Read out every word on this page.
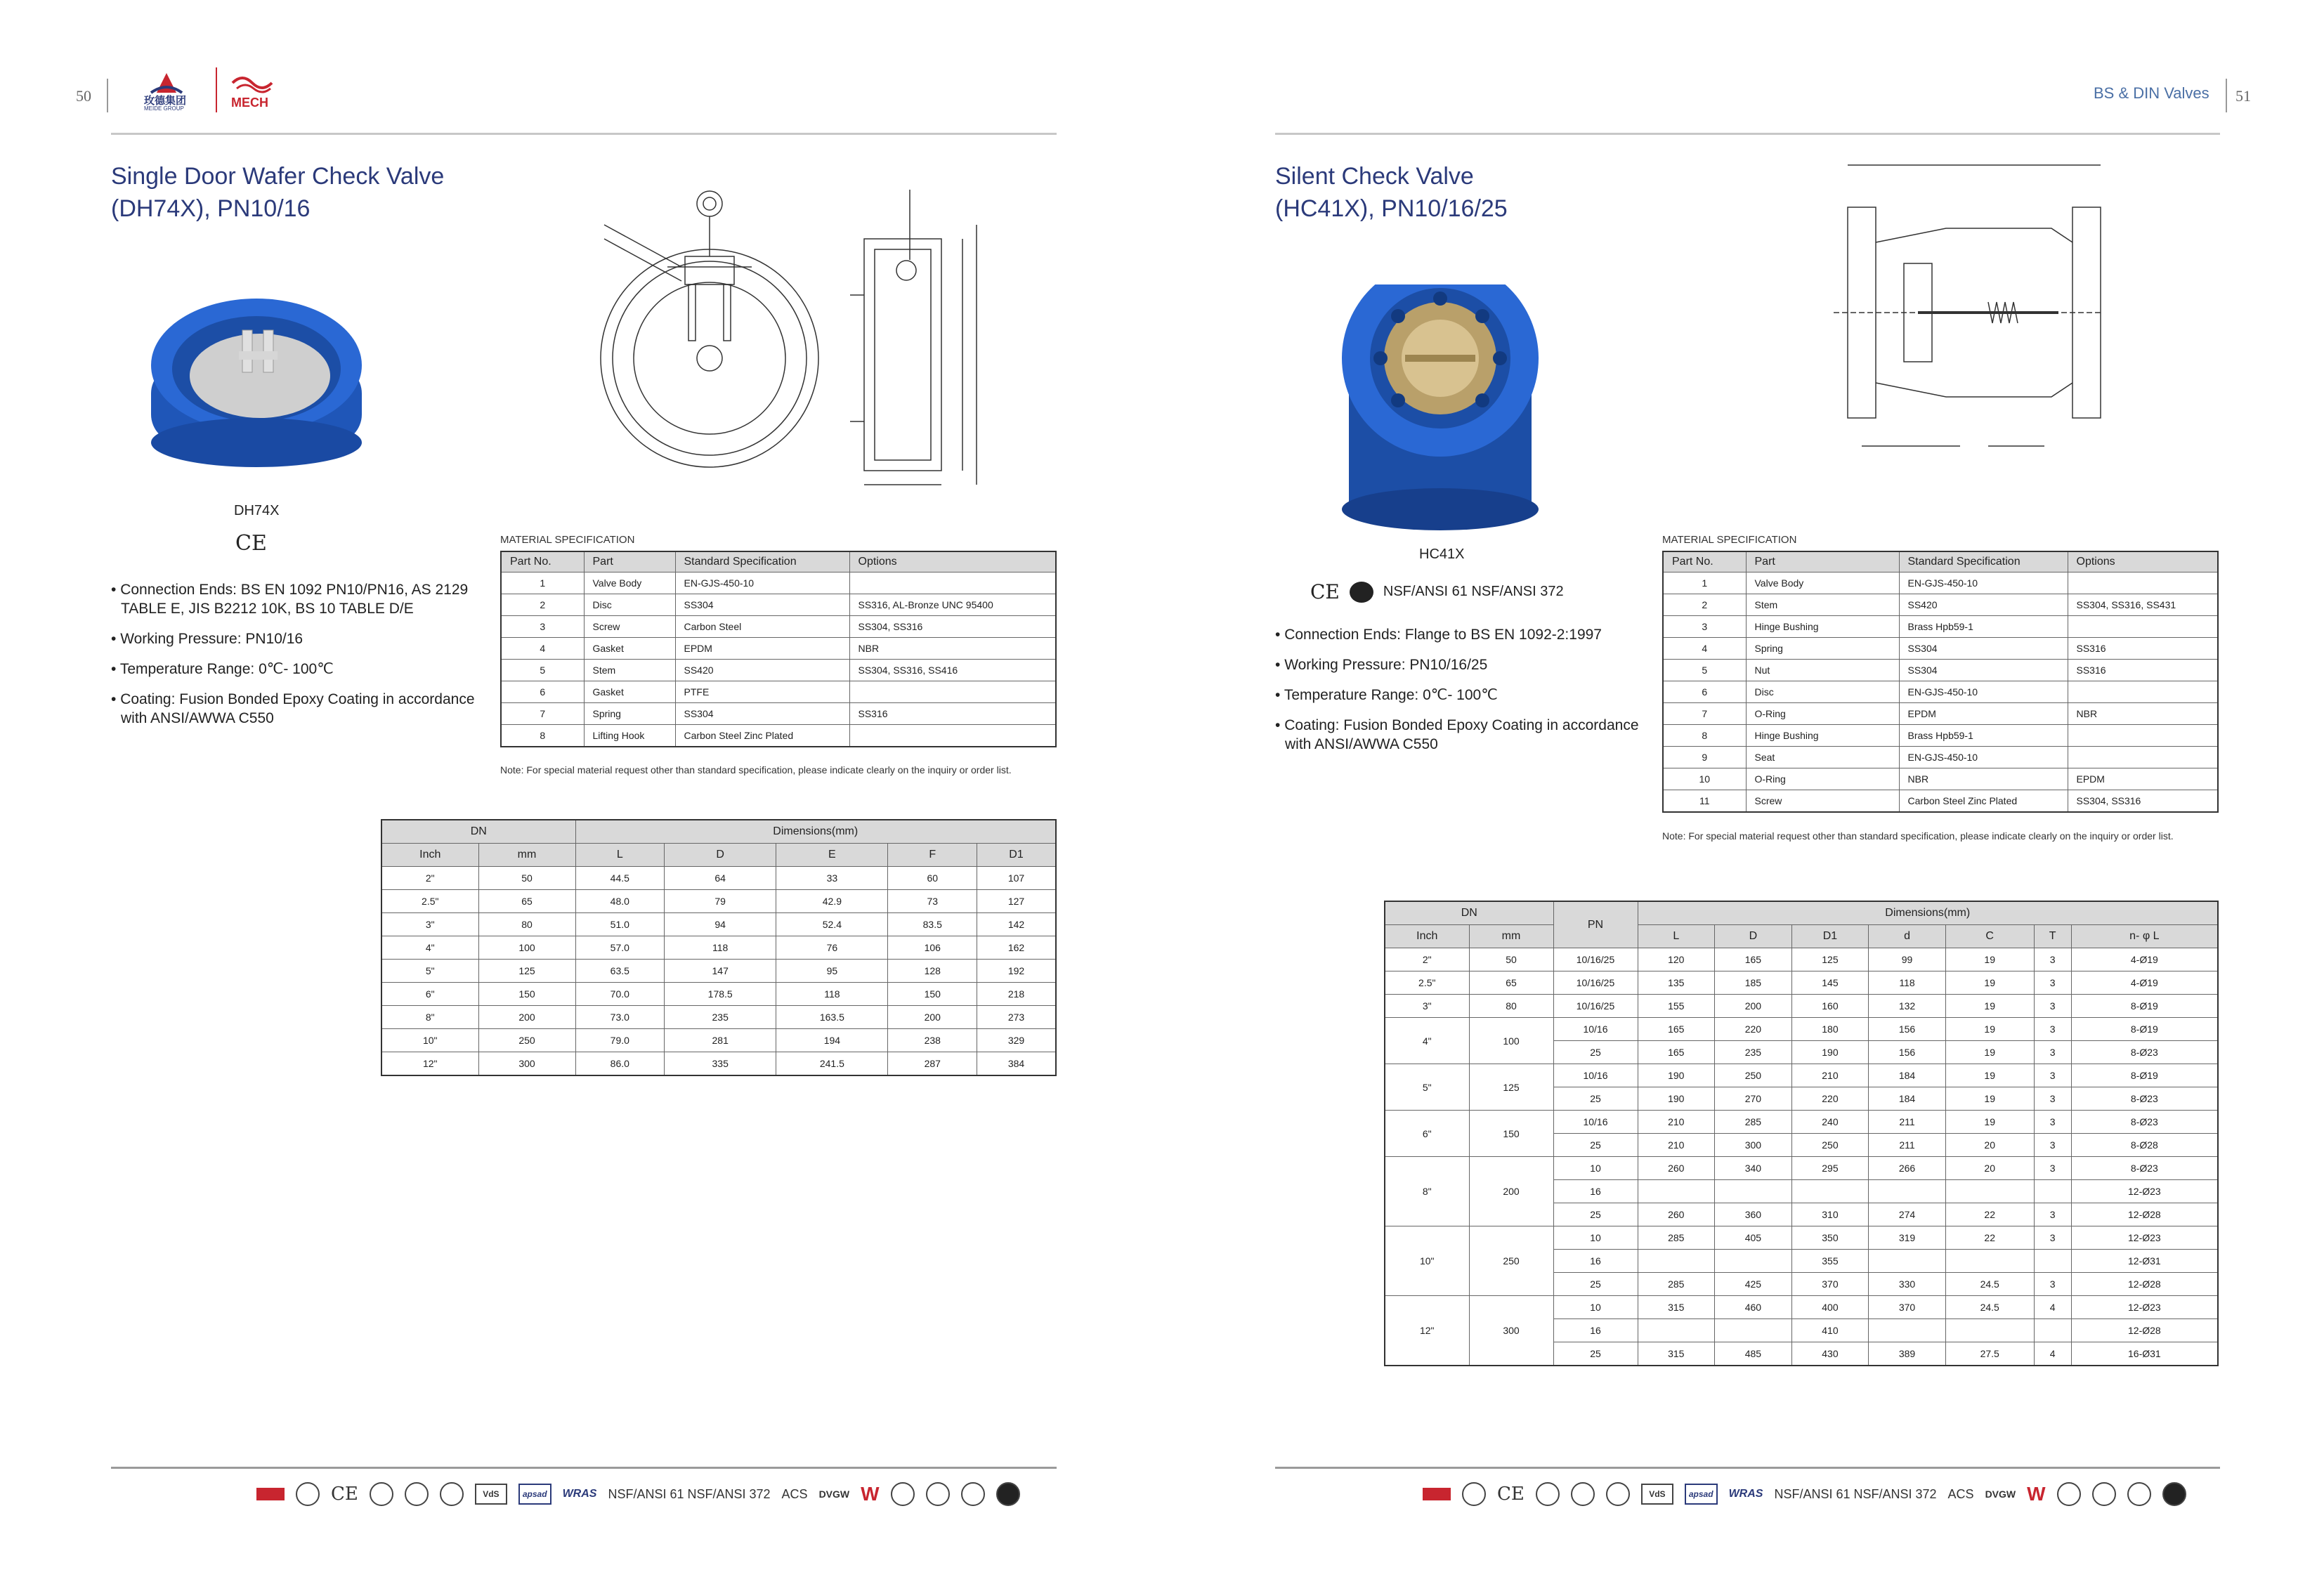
50	玫德集团
MEIDE GROUP	MECH
Single Door Wafer Check Valve
(DH74X), PN10/16
DH74X
CE
• Connection Ends: BS EN 1092 PN10/PN16, AS 2129 TABLE E, JIS B2212 10K, BS 10 TABLE D/E
• Working Pressure: PN10/16
• Temperature Range: 0℃- 100℃
• Coating: Fusion Bonded Epoxy Coating in accordance with ANSI/AWWA C550
MATERIAL SPECIFICATION
Part No.	Part	Standard Specification	Options
1	Valve Body	EN-GJS-450-10	
2	Disc	SS304	SS316, AL-Bronze UNC 95400
3	Screw	Carbon Steel	SS304, SS316
4	Gasket	EPDM	NBR
5	Stem	SS420	SS304, SS316, SS416
6	Gasket	PTFE	
7	Spring	SS304	SS316
8	Lifting Hook	Carbon Steel Zinc Plated	
Note: For special material request other than standard specification, please indicate clearly on the inquiry or order list.
DN		Dimensions(mm)				
Inch	mm	L	D	E	F	D1
2"	50	44.5	64	33	60	107
2.5"	65	48.0	79	42.9	73	127
3"	80	51.0	94	52.4	83.5	142
4"	100	57.0	118	76	106	162
5"	125	63.5	147	95	128	192
6"	150	70.0	178.5	118	150	218
8"	200	73.0	235	163.5	200	273
10"	250	79.0	281	194	238	329
12"	300	86.0	335	241.5	287	384
CE	VdS	apsad	WRAS NSF/ANSI 61 NSF/ANSI 372 ACS DVGW W
BS & DIN Valves 51
Silent Check Valve
(HC41X), PN10/16/25
HC41X
CE	NSF/ANSI 61 NSF/ANSI 372
• Connection Ends: Flange to BS EN 1092-2:1997
• Working Pressure: PN10/16/25
• Temperature Range: 0℃- 100℃
• Coating: Fusion Bonded Epoxy Coating in accordance with ANSI/AWWA C550
MATERIAL SPECIFICATION
Part No.	Part	Standard Specification	Options
1	Valve Body	EN-GJS-450-10	
2	Stem	SS420	SS304, SS316, SS431
3	Hinge Bushing	Brass Hpb59-1	
4	Spring	SS304	SS316
5	Nut	SS304	SS316
6	Disc	EN-GJS-450-10	
7	O-Ring	EPDM	NBR
8	Hinge Bushing	Brass Hpb59-1	
9	Seat	EN-GJS-450-10	
10	O-Ring	NBR	EPDM
11	Screw	Carbon Steel Zinc Plated	SS304, SS316
Note: For special material request other than standard specification, please indicate clearly on the inquiry or order list.
DN		PN	Dimensions(mm)						
Inch	mm		L	D	D1	d	C	T	n- φ L
2"	50	10/16/25	120	165	125	99	19	3	4-Ø19
2.5"	65	10/16/25	135	185	145	118	19	3	4-Ø19
3"	80	10/16/25	155	200	160	132	19	3	8-Ø19
4"	100	10/16	165	220	180	156	19	3	8-Ø19
		25	165	235	190	156	19	3	8-Ø23
5"	125	10/16	190	250	210	184	19	3	8-Ø19
		25	190	270	220	184	19	3	8-Ø23
6"	150	10/16	210	285	240	211	19	3	8-Ø23
		25	210	300	250	211	20	3	8-Ø28
8"	200	10	260	340	295	266	20	3	8-Ø23
		16							12-Ø23
		25	260	360	310	274	22	3	12-Ø28
10"	250	10	285	405	350	319	22	3	12-Ø23
		16			355				12-Ø31
		25	285	425	370	330	24.5	3	12-Ø28
12"	300	10	315	460	400	370	24.5	4	12-Ø23
		16			410				12-Ø28
		25	315	485	430	389	27.5	4	16-Ø31
CE	VdS	apsad	WRAS NSF/ANSI 61 NSF/ANSI 372 ACS DVGW W
